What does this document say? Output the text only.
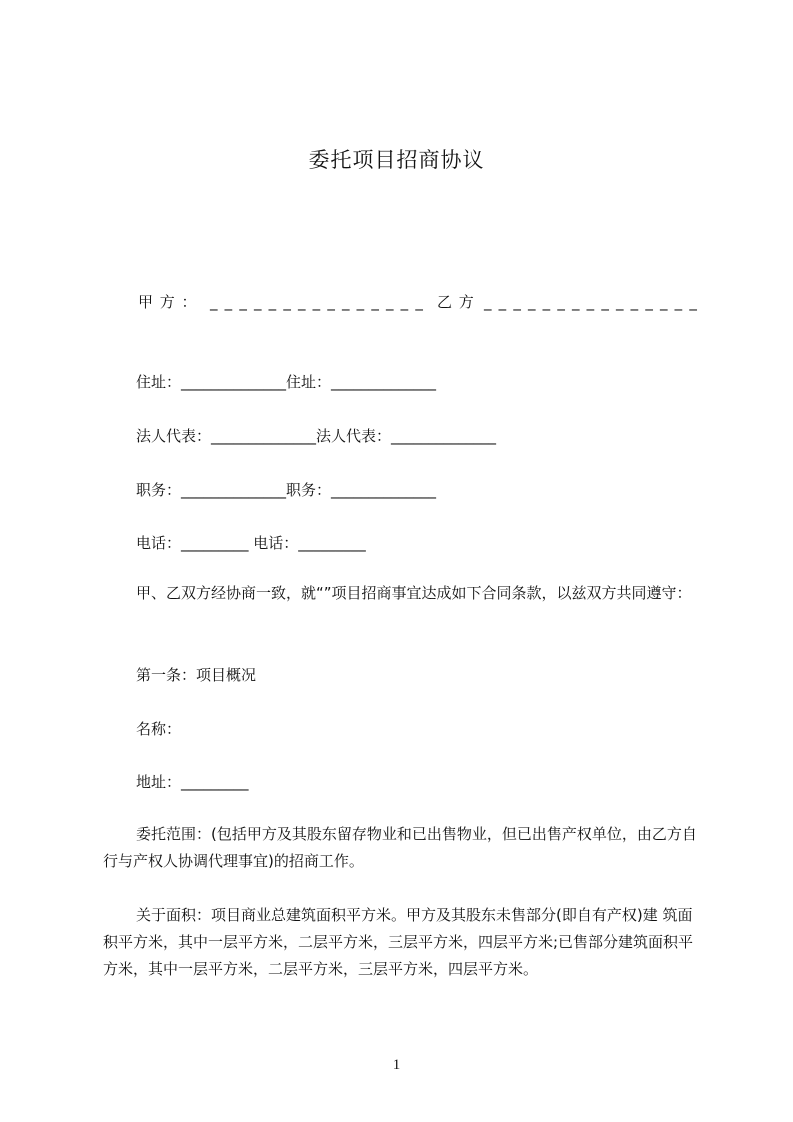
委托项目招商协议
甲 方 ： _ _ _ _ _ _ _ _ _ _ _ _ _ _ _ 乙 方 _ _ _ _ _ _ _ _ _ _ _ _ _ _ _
住址：______________住址：______________
法人代表：______________法人代表：______________
职务：______________职务：______________
电话：_________ 电话：_________
甲、乙双方经协商一致，就“”项目招商事宜达成如下合同条款，以兹双方共同遵守：
第一条：项目概况
名称：
地址：_________
委托范围：(包括甲方及其股东留存物业和已出售物业，但已出售产权单位，由乙方自行与产权人协调代理事宜)的招商工作。
关于面积：项目商业总建筑面积平方米。甲方及其股东未售部分(即自有产权)建 筑面积平方米，其中一层平方米，二层平方米，三层平方米，四层平方米;已售部分建筑面积平方米，其中一层平方米，二层平方米，三层平方米，四层平方米。
1
